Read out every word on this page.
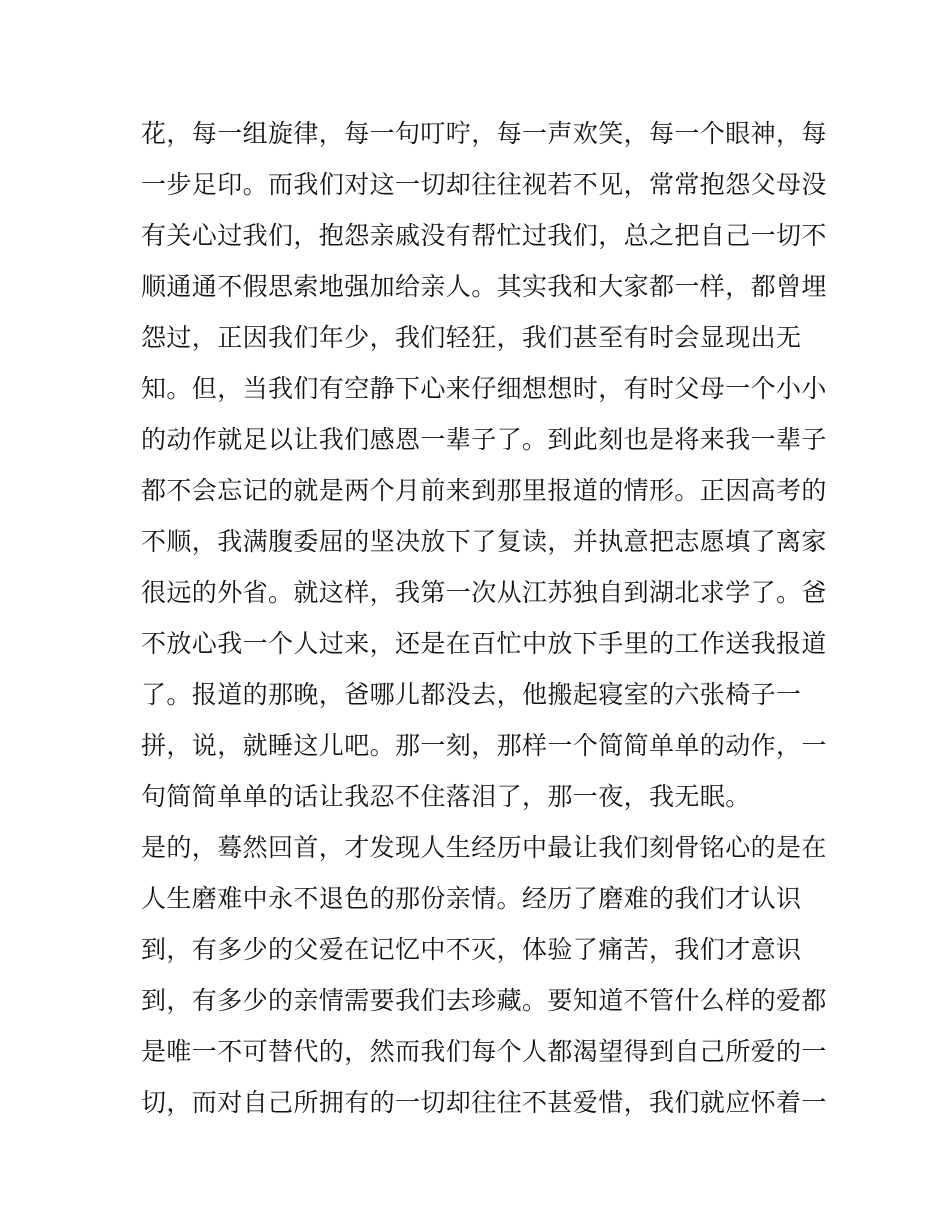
花，每一组旋律，每一句叮咛，每一声欢笑，每一个眼神，每
一步足印。而我们对这一切却往往视若不见，常常抱怨父母没
有关心过我们，抱怨亲戚没有帮忙过我们，总之把自己一切不
顺通通不假思索地强加给亲人。其实我和大家都一样，都曾埋
怨过，正因我们年少，我们轻狂，我们甚至有时会显现出无
知。但，当我们有空静下心来仔细想想时，有时父母一个小小
的动作就足以让我们感恩一辈子了。到此刻也是将来我一辈子
都不会忘记的就是两个月前来到那里报道的情形。正因高考的
不顺，我满腹委屈的坚决放下了复读，并执意把志愿填了离家
很远的外省。就这样，我第一次从江苏独自到湖北求学了。爸
不放心我一个人过来，还是在百忙中放下手里的工作送我报道
了。报道的那晚，爸哪儿都没去，他搬起寝室的六张椅子一
拼，说，就睡这儿吧。那一刻，那样一个简简单单的动作，一
句简简单单的话让我忍不住落泪了，那一夜，我无眠。
是的，蓦然回首，才发现人生经历中最让我们刻骨铭心的是在
人生磨难中永不退色的那份亲情。经历了磨难的我们才认识
到，有多少的父爱在记忆中不灭，体验了痛苦，我们才意识
到，有多少的亲情需要我们去珍藏。要知道不管什么样的爱都
是唯一不可替代的，然而我们每个人都渴望得到自己所爱的一
切，而对自己所拥有的一切却往往不甚爱惜，我们就应怀着一
